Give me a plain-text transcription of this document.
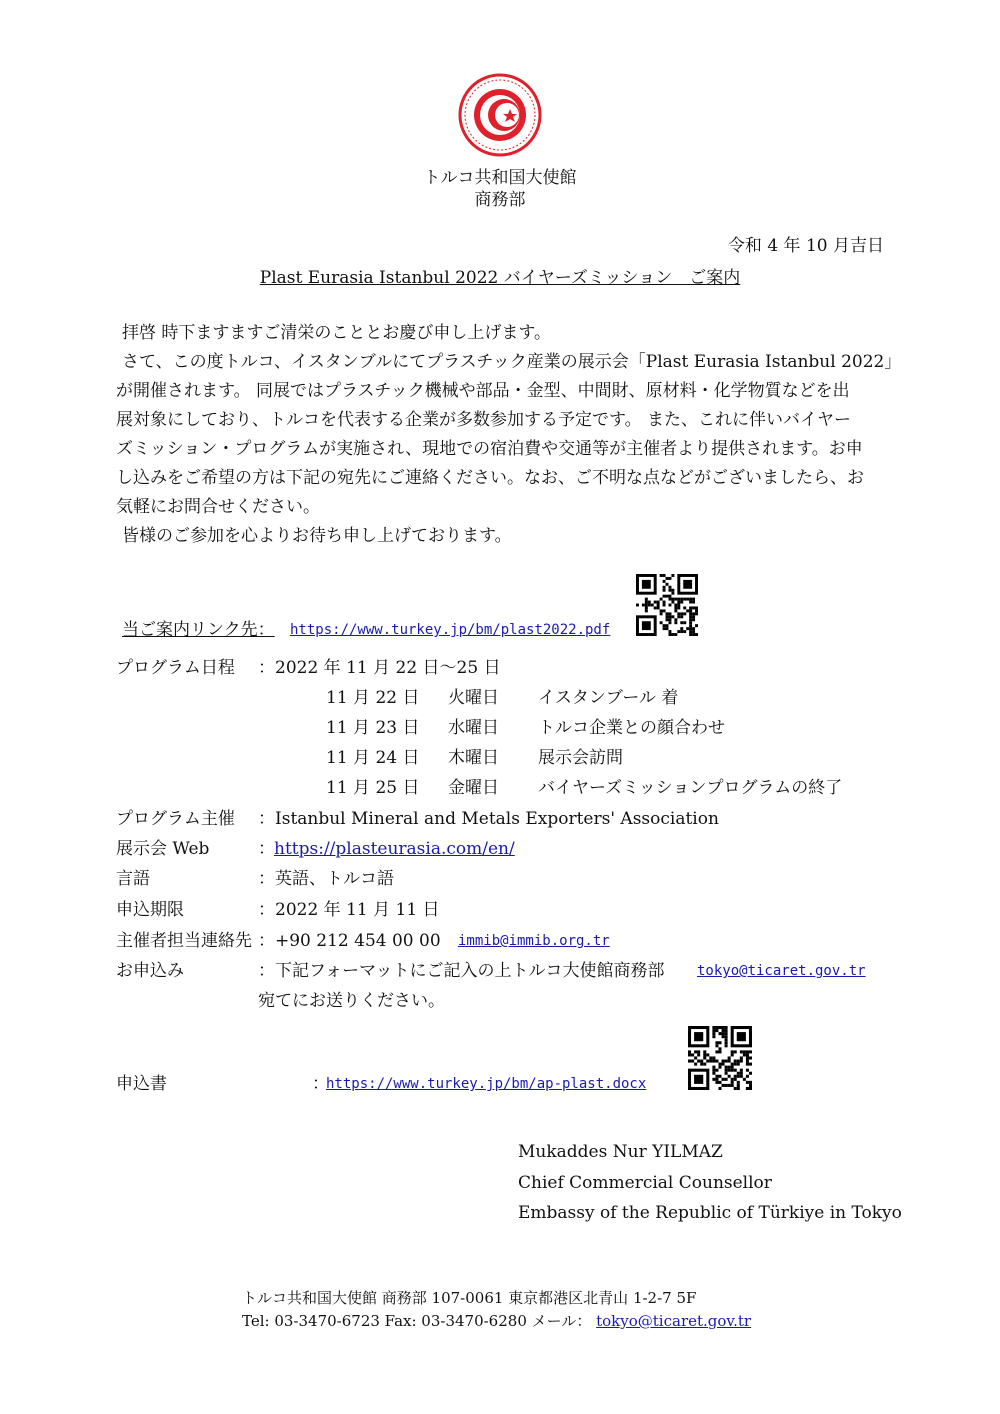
トルコ共和国大使館
商務部
令和 4 年 10 月吉日
Plast Eurasia Istanbul 2022 バイヤーズミッション　ご案内
拝啓 時下ますますご清栄のこととお慶び申し上げます。
さて、この度トルコ、イスタンブルにてプラスチック産業の展示会「Plast Eurasia Istanbul 2022」
が開催されます。 同展ではプラスチック機械や部品・金型、中間財、原材料・化学物質などを出
展対象にしており、トルコを代表する企業が多数参加する予定です。 また、これに伴いバイヤー
ズミッション・プログラムが実施され、現地での宿泊費や交通等が主催者より提供されます。お申
し込みをご希望の方は下記の宛先にご連絡ください。なお、ご不明な点などがございましたら、お
気軽にお問合せください。
皆様のご参加を心よりお待ち申し上げております。
当ご案内リンク先： https://www.turkey.jp/bm/plast2022.pdf
プログラム日程 ：2022 年 11 月 22 日～25 日
11 月 22 日 火曜日 イスタンブール 着
11 月 23 日 水曜日 トルコ企業との顔合わせ
11 月 24 日 木曜日 展示会訪問
11 月 25 日 金曜日 バイヤーズミッションプログラムの終了
プログラム主催 ：Istanbul Mineral and Metals Exporters' Association
展示会 Web	： https://plasteurasia.com/en/
言語	：英語、トルコ語
申込期限	：2022 年 11 月 11 日
主催者担当連絡先 ：+90 212 454 00 00 immib@immib.org.tr
お申込み	：下記フォーマットにご記入の上トルコ大使館商務部 tokyo@ticaret.gov.tr
宛てにお送りください。
申込書	：
https://www.turkey.jp/bm/ap-plast.docx
Mukaddes Nur YILMAZ
Chief Commercial Counsellor
Embassy of the Republic of Türkiye in Tokyo
トルコ共和国大使館 商務部 107-0061 東京都港区北青山 1-2-7 5F
Tel: 03-3470-6723 Fax: 03-3470-6280 メール： tokyo@ticaret.gov.tr
